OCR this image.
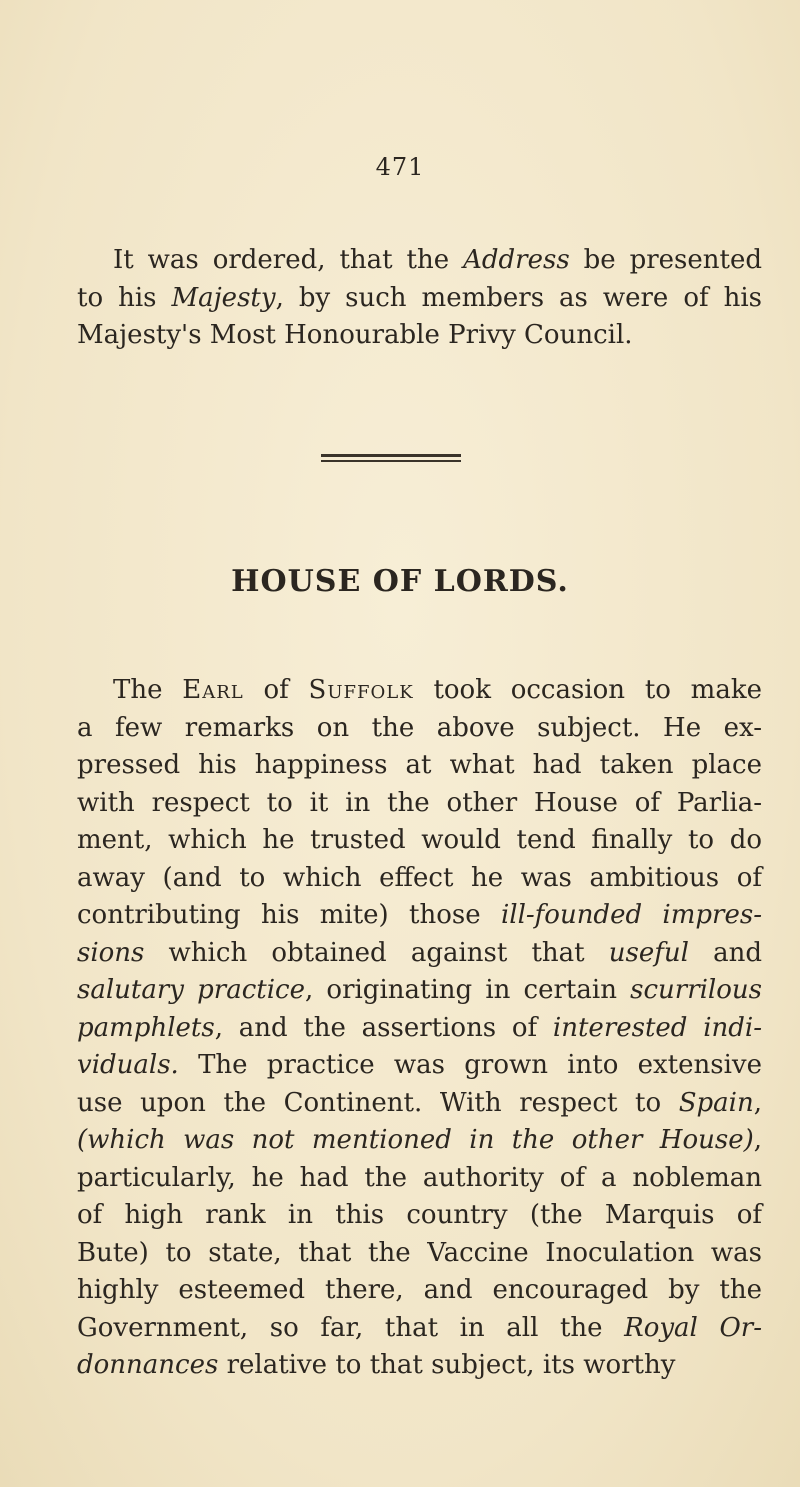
471

It was ordered, that the Address be presented
to his Majesty, by such members as were of his
Majesty's Most Honourable Privy Council.

HOUSE OF LORDS.

The Earl of Suffolk took occasion to make
a few remarks on the above subject. He ex-
pressed his happiness at what had taken place
with respect to it in the other House of Parlia-
ment, which he trusted would tend finally to do
away (and to which effect he was ambitious of
contributing his mite) those ill-founded impres-
sions which obtained against that useful and
salutary practice, originating in certain scurrilous
pamphlets, and the assertions of interested indi-
viduals. The practice was grown into extensive
use upon the Continent. With respect to Spain,
(which was not mentioned in the other House),
particularly, he had the authority of a nobleman
of high rank in this country (the Marquis of
Bute) to state, that the Vaccine Inoculation was
highly esteemed there, and encouraged by the
Government, so far, that in all the Royal Or-
donnances relative to that subject, its worthy
